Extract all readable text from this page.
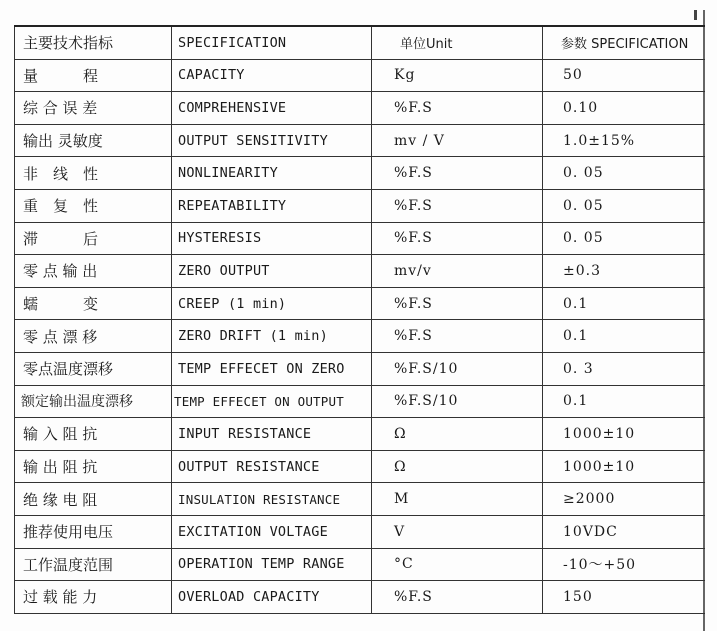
主要技术指标	SPECIFICATION	单位Unit	参数 SPECIFICATION
量　　　程	CAPACITY	Kg	50
综 合 误 差	COMPREHENSIVE	%F.S	0.10
输出 灵敏度	OUTPUT SENSITIVITY	mv / V	1.0±15%
非　线　性	NONLINEARITY	%F.S	0. 05
重　复　性	REPEATABILITY	%F.S	0. 05
滞　　　后	HYSTERESIS	%F.S	0. 05
零 点 输 出	ZERO OUTPUT	mv/v	±0.3
蠕　　　变	CREEP (1 min)	%F.S	0.1
零 点 漂 移	ZERO DRIFT (1 min)	%F.S	0.1
零点温度漂移	TEMP EFFECET ON ZERO	%F.S/10	0. 3
额定输出温度漂移	TEMP EFFECET ON OUTPUT	%F.S/10	0.1
输 入 阻 抗	INPUT RESISTANCE	Ω	1000±10
输 出 阻 抗	OUTPUT RESISTANCE	Ω	1000±10
绝 缘 电 阻	INSULATION RESISTANCE	M	≥2000
推荐使用电压	EXCITATION VOLTAGE	V	10VDC
工作温度范围	OPERATION TEMP RANGE	°C	-10～+50
过 载 能 力	OVERLOAD CAPACITY	%F.S	150
